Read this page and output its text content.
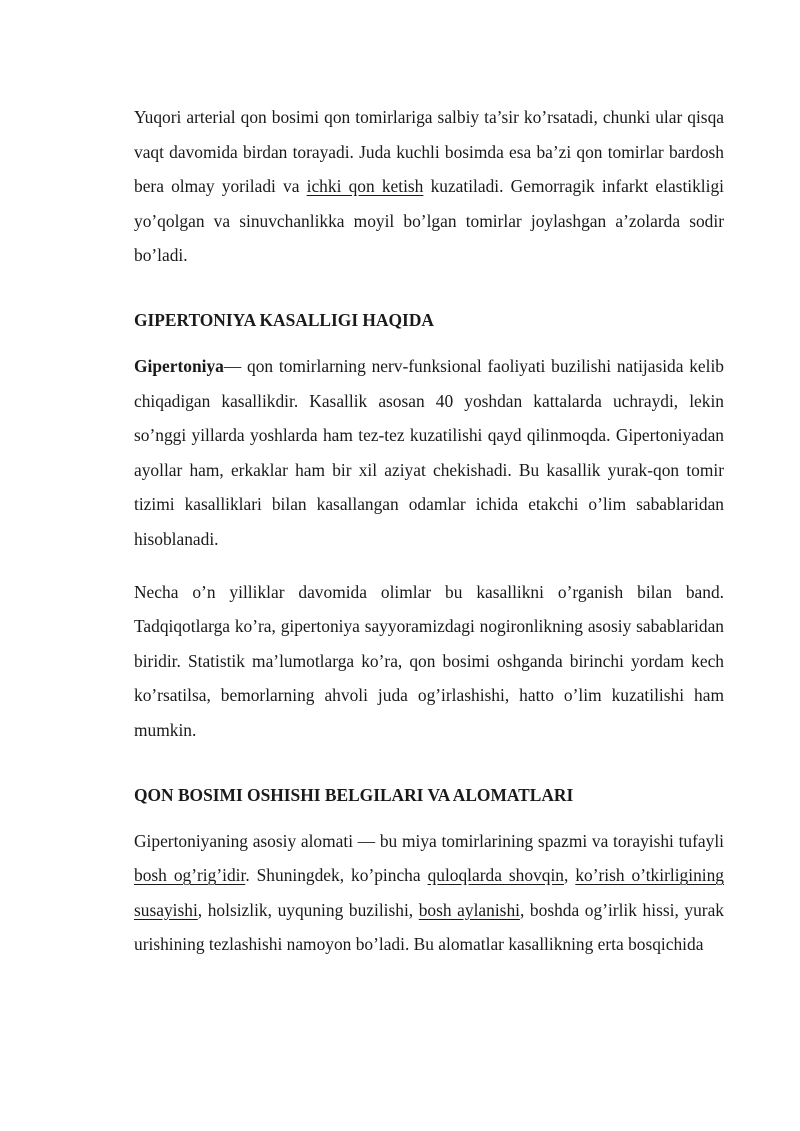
Yuqori arterial qon bosimi qon tomirlariga salbiy ta’sir ko’rsatadi, chunki ular qisqa vaqt davomida birdan torayadi. Juda kuchli bosimda esa ba’zi qon tomirlar bardosh bera olmay yoriladi va ichki qon ketish kuzatiladi. Gemorragik infarkt elastikligi yo’qolgan va sinuvchanlikka moyil bo’lgan tomirlar joylashgan a’zolarda sodir bo’ladi.

GIPERTONIYA KASALLIGI HAQIDA

Gipertoniya— qon tomirlarning nerv-funksional faoliyati buzilishi natijasida kelib chiqadigan kasallikdir. Kasallik asosan 40 yoshdan kattalarda uchraydi, lekin so’nggi yillarda yoshlarda ham tez-tez kuzatilishi qayd qilinmoqda. Gipertoniyadan ayollar ham, erkaklar ham bir xil aziyat chekishadi. Bu kasallik yurak-qon tomir tizimi kasalliklari bilan kasallangan odamlar ichida etakchi o’lim sabablaridan hisoblanadi.

Necha o’n yilliklar davomida olimlar bu kasallikni o’rganish bilan band. Tadqiqotlarga ko’ra, gipertoniya sayyoramizdagi nogironlikning asosiy sabablaridan biridir. Statistik ma’lumotlarga ko’ra, qon bosimi oshganda birinchi yordam kech ko’rsatilsa, bemorlarning ahvoli juda og’irlashishi, hatto o’lim kuzatilishi ham mumkin.

QON BOSIMI OSHISHI BELGILARI VA ALOMATLARI

Gipertoniyaning asosiy alomati — bu miya tomirlarining spazmi va torayishi tufayli bosh og’rig’idir. Shuningdek, ko’pincha quloqlarda shovqin, ko’rish o’tkirligining susayishi, holsizlik, uyquning buzilishi, bosh aylanishi, boshda og’irlik hissi, yurak urishining tezlashishi namoyon bo’ladi. Bu alomatlar kasallikning erta bosqichida
